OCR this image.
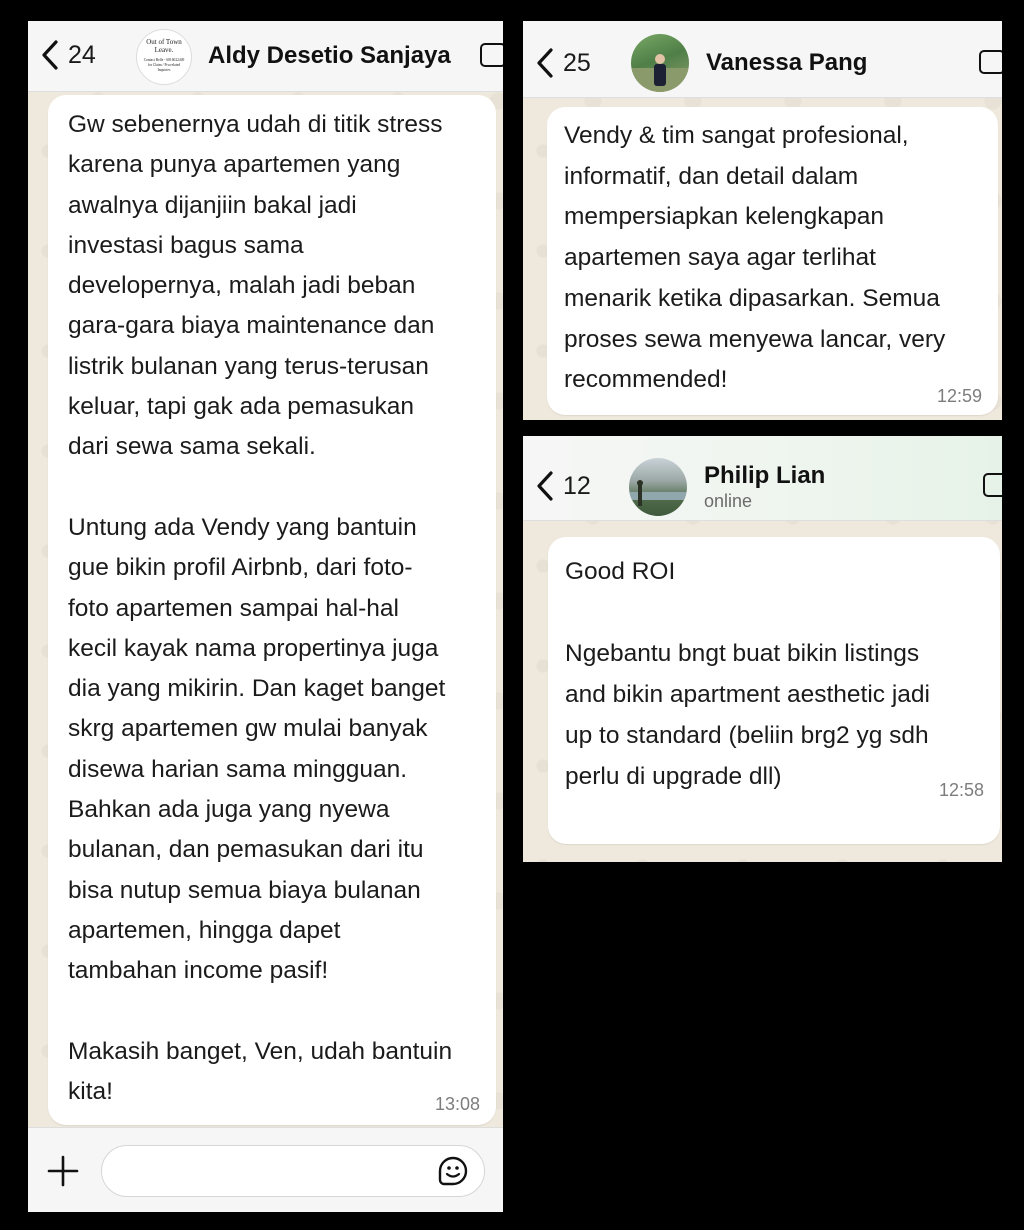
24	Out of Town
Leave.
Contact Belle - 6816022449
for Claim / Pru related
Inquiries
Aldy Desetio Sanjaya
Gw sebenernya udah di titik stress
karena punya apartemen yang
awalnya dijanjiin bakal jadi
investasi bagus sama
developernya, malah jadi beban
gara-gara biaya maintenance dan
listrik bulanan yang terus-terusan
keluar, tapi gak ada pemasukan
dari sewa sama sekali.

Untung ada Vendy yang bantuin
gue bikin profil Airbnb, dari foto-
foto apartemen sampai hal-hal
kecil kayak nama propertinya juga
dia yang mikirin. Dan kaget banget
skrg apartemen gw mulai banyak
disewa harian sama mingguan.
Bahkan ada juga yang nyewa
bulanan, dan pemasukan dari itu
bisa nutup semua biaya bulanan
apartemen, hingga dapet
tambahan income pasif!

Makasih banget, Ven, udah bantuin
kita!	13:08
25	Vanessa Pang
Vendy & tim sangat profesional,
informatif, dan detail dalam
mempersiapkan kelengkapan
apartemen saya agar terlihat
menarik ketika dipasarkan. Semua
proses sewa menyewa lancar, very
recommended!
12:59
12	Philip Lian
online
Good ROI

Ngebantu bngt buat bikin listings
and bikin apartment aesthetic jadi
up to standard (beliin brg2 yg sdh
perlu di upgrade dll)	12:58
